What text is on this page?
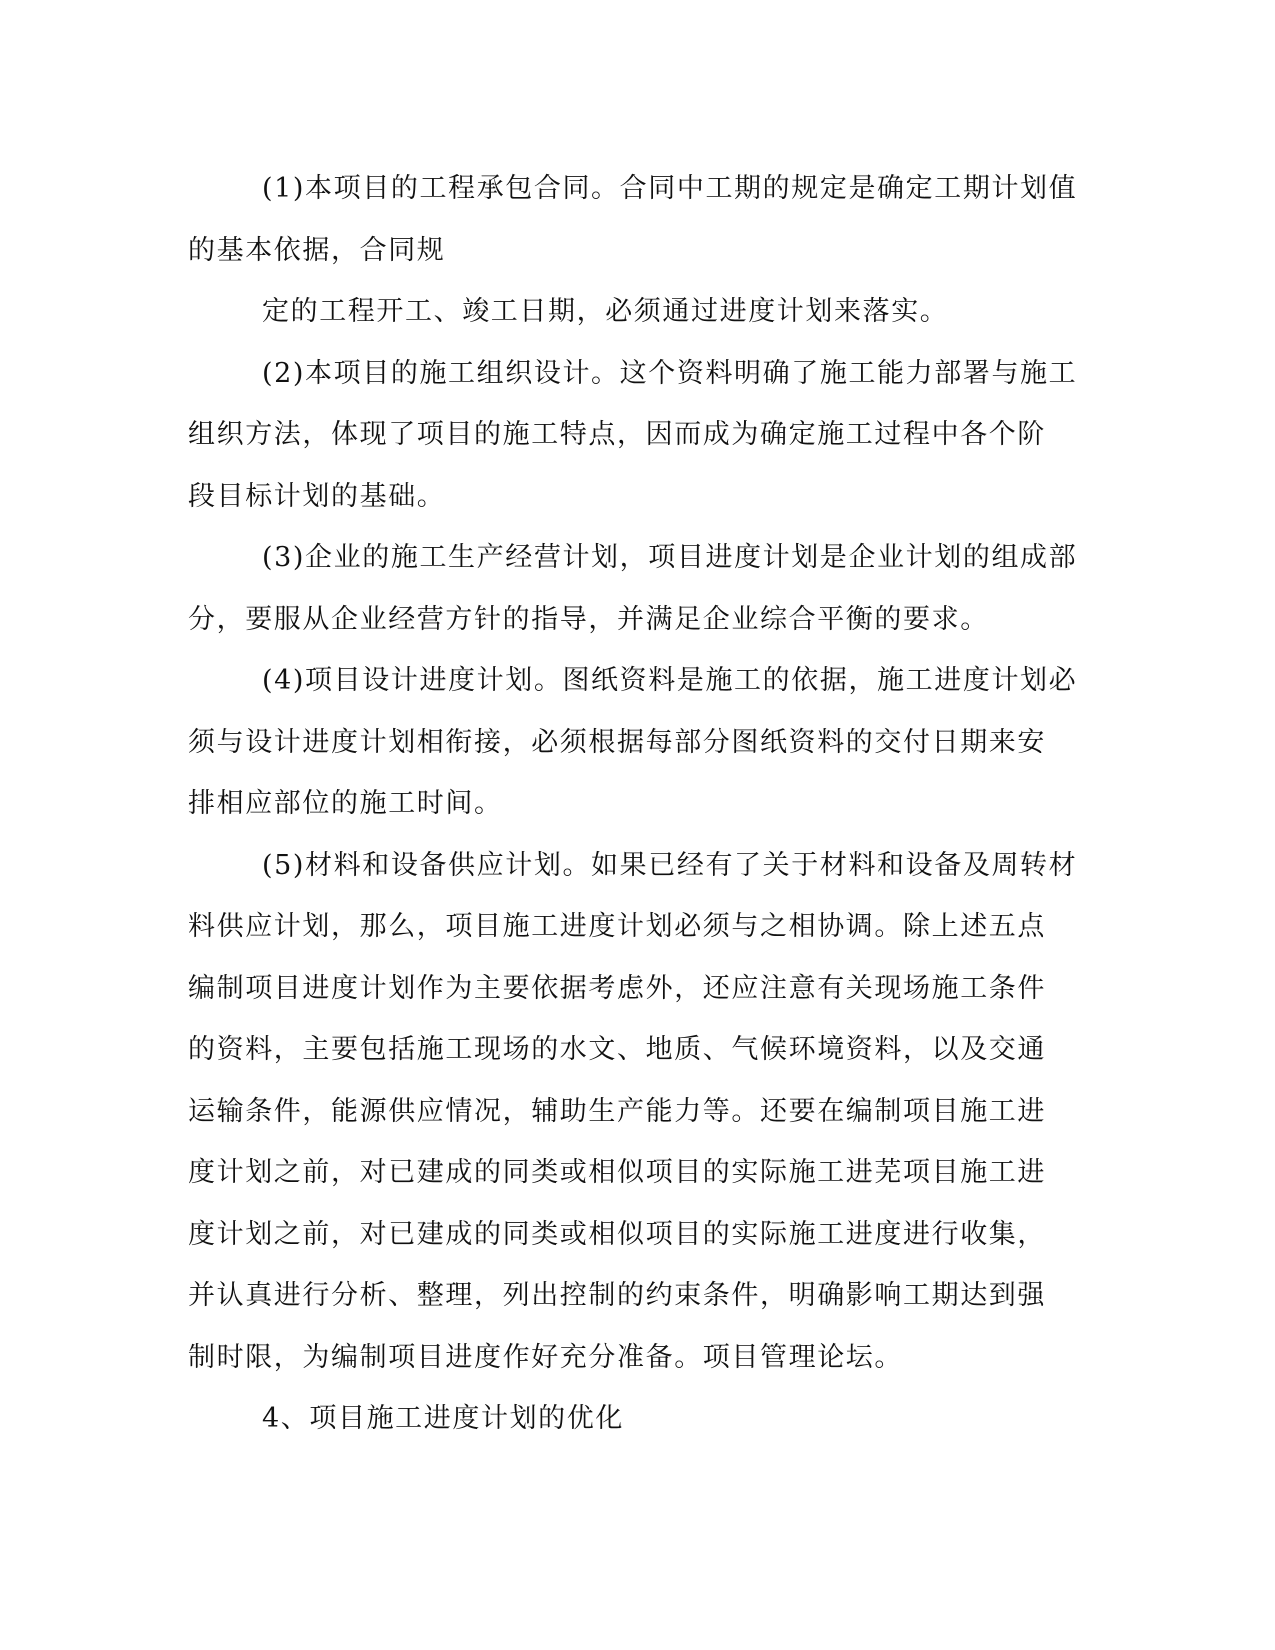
(1)本项目的工程承包合同。合同中工期的规定是确定工期计划值
的基本依据，合同规

定的工程开工、竣工日期，必须通过进度计划来落实。

(2)本项目的施工组织设计。这个资料明确了施工能力部署与施工
组织方法，体现了项目的施工特点，因而成为确定施工过程中各个阶
段目标计划的基础。

(3)企业的施工生产经营计划，项目进度计划是企业计划的组成部
分，要服从企业经营方针的指导，并满足企业综合平衡的要求。

(4)项目设计进度计划。图纸资料是施工的依据，施工进度计划必
须与设计进度计划相衔接，必须根据每部分图纸资料的交付日期来安
排相应部位的施工时间。

(5)材料和设备供应计划。如果已经有了关于材料和设备及周转材
料供应计划，那么，项目施工进度计划必须与之相协调。除上述五点
编制项目进度计划作为主要依据考虑外，还应注意有关现场施工条件
的资料，主要包括施工现场的水文、地质、气候环境资料，以及交通
运输条件，能源供应情况，辅助生产能力等。还要在编制项目施工进
度计划之前，对已建成的同类或相似项目的实际施工进芜项目施工进
度计划之前，对已建成的同类或相似项目的实际施工进度进行收集，
并认真进行分析、整理，列出控制的约束条件，明确影响工期达到强
制时限，为编制项目进度作好充分准备。项目管理论坛。

4、项目施工进度计划的优化
